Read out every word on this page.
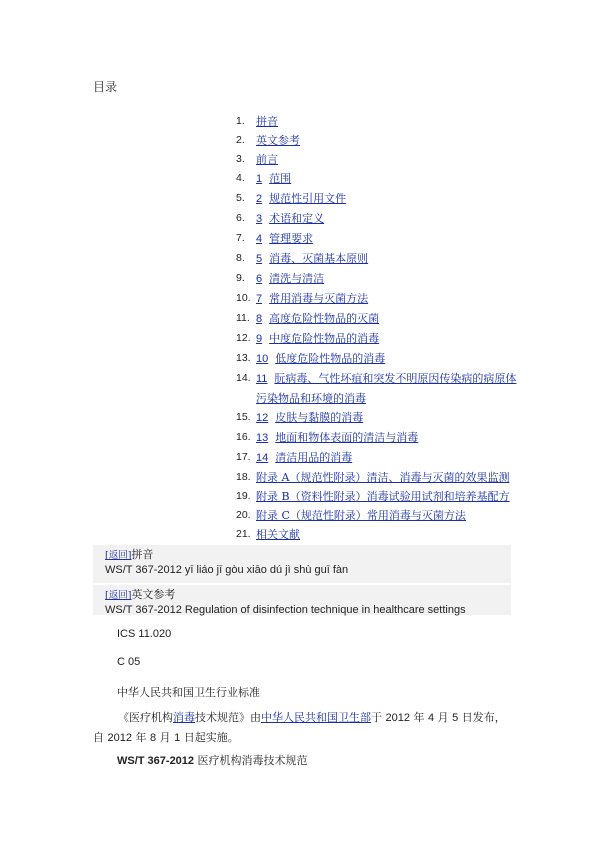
目录
1.	拼音
2.	英文参考
3.	前言
4.	1 范围
5.	2 规范性引用文件
6.	3 术语和定义
7.	4 管理要求
8.	5 消毒、灭菌基本原则
9.	6 清洗与清洁
10. 7 常用消毒与灭菌方法
11. 8 高度危险性物品的灭菌
12. 9 中度危险性物品的消毒
13. 10 低度危险性物品的消毒
14. 11 朊病毒、气性坏疽和突发不明原因传染病的病原体污染物品和环境的消毒
15. 12 皮肤与黏膜的消毒
16. 13 地面和物体表面的清洁与消毒
17. 14 清洁用品的消毒
18. 附录 A（规范性附录）清洁、消毒与灭菌的效果监测
19. 附录 B（资料性附录）消毒试验用试剂和培养基配方
20. 附录 C（规范性附录）常用消毒与灭菌方法
21. 相关文献
[返回]拼音
WS/T 367-2012 yī liáo jī gòu xiāo dú jì shù guī fàn
[返回]英文参考
WS/T 367-2012 Regulation of disinfection technique in healthcare settings
ICS 11.020
C 05
中华人民共和国卫生行业标准
《医疗机构消毒技术规范》由中华人民共和国卫生部于 2012 年 4 月 5 日发布，自 2012 年 8 月 1 日起实施。
WS/T 367-2012 医疗机构消毒技术规范
